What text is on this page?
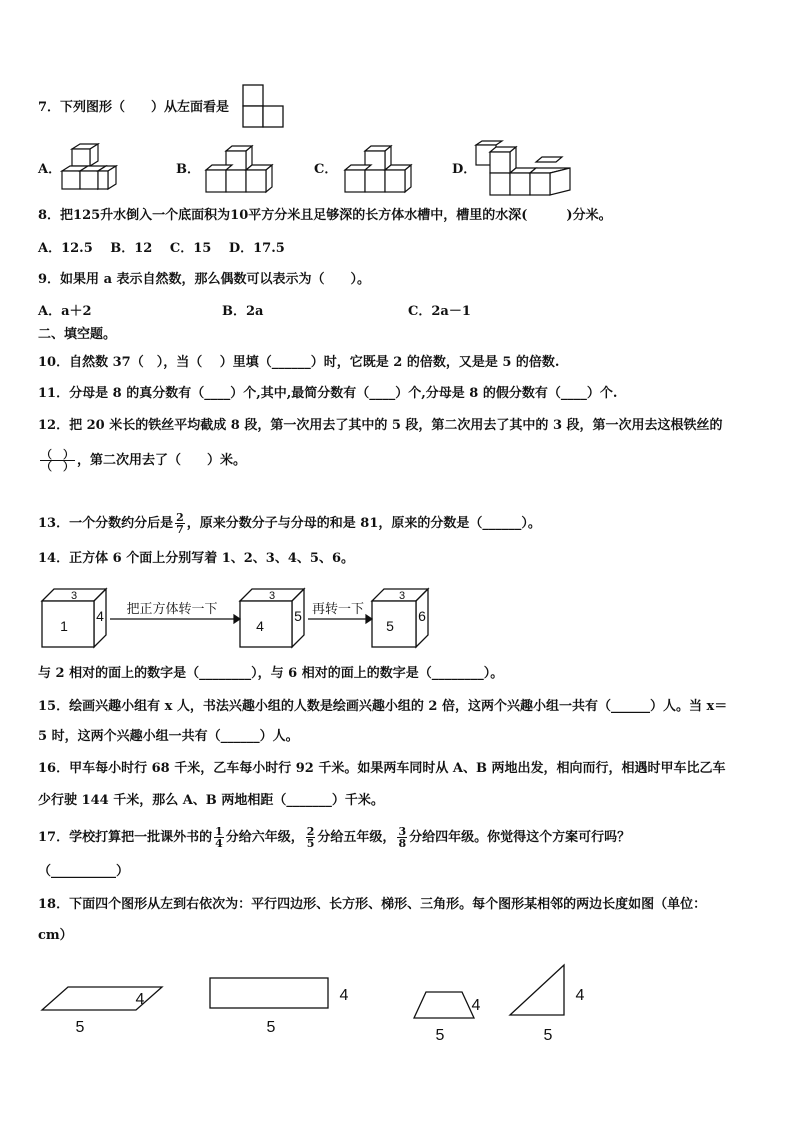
7．下列图形（　　）从左面看是
A．	B．	C．	D．
8．把125升水倒入一个底面积为10平方分米且足够深的长方体水槽中，槽里的水深(　　　)分米。
A．12.5　 B．12　 C．15　 D．17.5
9．如果用 a 表示自然数，那么偶数可以表示为（　　）。
A．a＋2	B．2a	C．2a－1
二、填空题。
10．自然数 37（　），当（　 ）里填（______）时，它既是 2 的倍数，又是是 5 的倍数.
11．分母是 8 的真分数有（____）个,其中,最简分数有（____）个,分母是 8 的假分数有（____）个.
12．把 20 米长的铁丝平均截成 8 段，第一次用去了其中的 5 段，第二次用去了其中的 3 段，第一次用去这根铁丝的
$\frac{( )}{( )}$ ，第二次用去了（　　）米。
13．一个分数约分后是 $\frac{2}{7}$ ，原来分数分子与分母的和是 81，原来的分数是（______）。
14．正方体 6 个面上分别写着 1、2、3、4、5、6。
1
3
4 把正方体转一下
4
3
5 再转一下
5
3
6
与 2 相对的面上的数字是（________），与 6 相对的面上的数字是（________）。
15．绘画兴趣小组有 x 人，书法兴趣小组的人数是绘画兴趣小组的 2 倍，这两个兴趣小组一共有（______）人。当 x＝
5 时，这两个兴趣小组一共有（______）人。
16．甲车每小时行 68 千米，乙车每小时行 92 千米。如果两车同时从 A、B 两地出发，相向而行，相遇时甲车比乙车
少行驶 144 千米，那么 A、B 两地相距（_______）千米。
17．学校打算把一批课外书的 $\frac{1}{4}$ 分给六年级， $\frac{2}{5}$ 分给五年级， $\frac{3}{8}$ 分给四年级。你觉得这个方案可行吗？
（__________）
18．下面四个图形从左到右依次为：平行四边形、长方形、梯形、三角形。每个图形某相邻的两边长度如图（单位：
cm）
4
5
4
5
4
5
4
5
